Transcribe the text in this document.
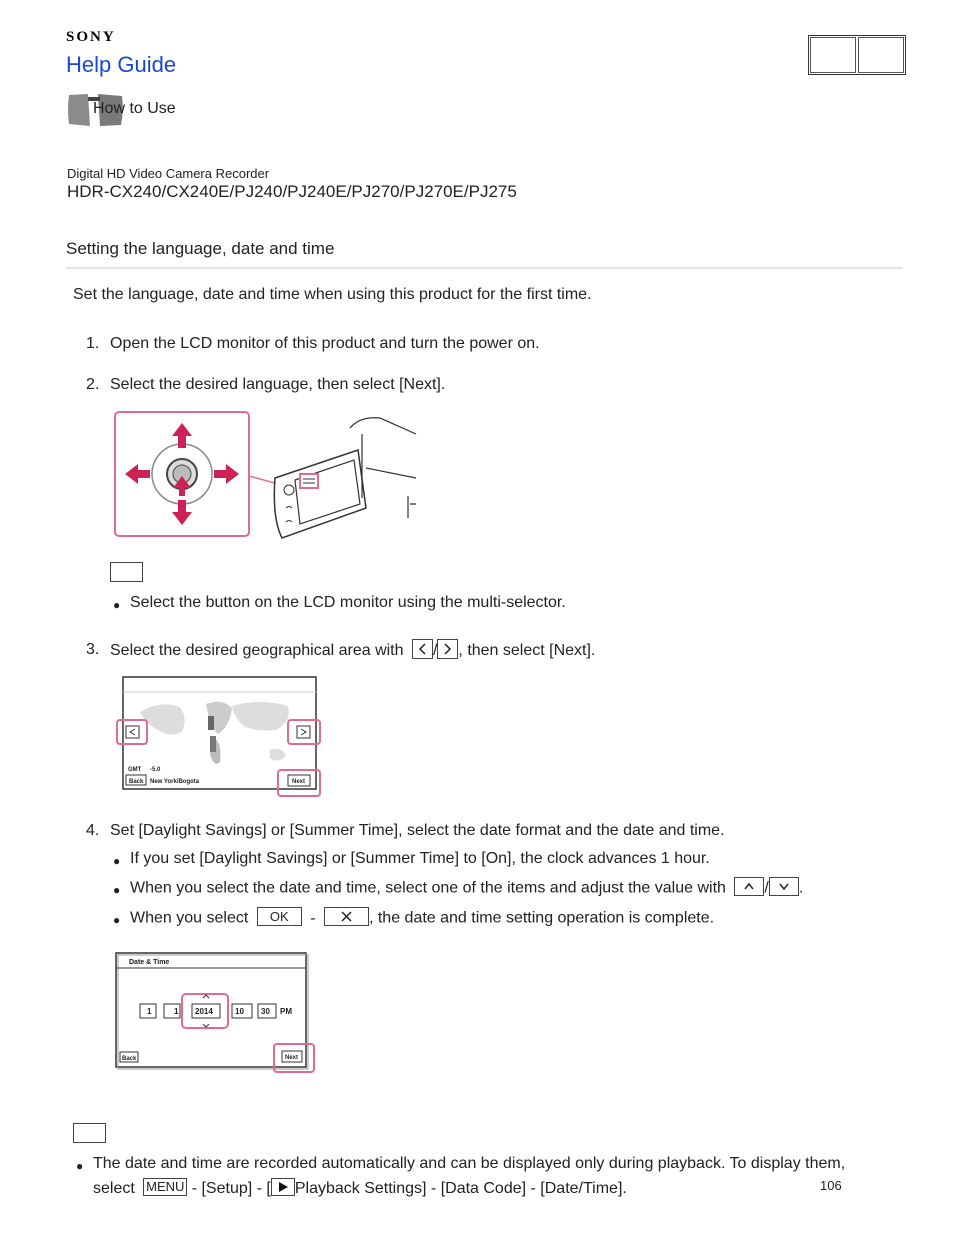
SONY
Help Guide
How to Use
Digital HD Video Camera Recorder
HDR-CX240/CX240E/PJ240/PJ240E/PJ270/PJ270E/PJ275
Setting the language, date and time
Set the language, date and time when using this product for the first time.
1. Open the LCD monitor of this product and turn the power on.
2. Select the desired language, then select [Next].
● Select the button on the LCD monitor using the multi-selector.
3. Select the desired geographical area with / , then select [Next].
GMT -5.0
Back New York/Bogota	Next
4. Set [Daylight Savings] or [Summer Time], select the date format and the date and time.
● If you set [Daylight Savings] or [Summer Time] to [On], the clock advances 1 hour.
● When you select the date and time, select one of the items and adjust the value with / .
● When you select OK -	, the date and time setting operation is complete.
Date & Time
1	1 2014	10 30 PM
Back	Next
● The date and time are recorded automatically and can be displayed only during playback. To display them,
select MENU - [Setup] - [ Playback Settings] - [Data Code] - [Date/Time].	106
